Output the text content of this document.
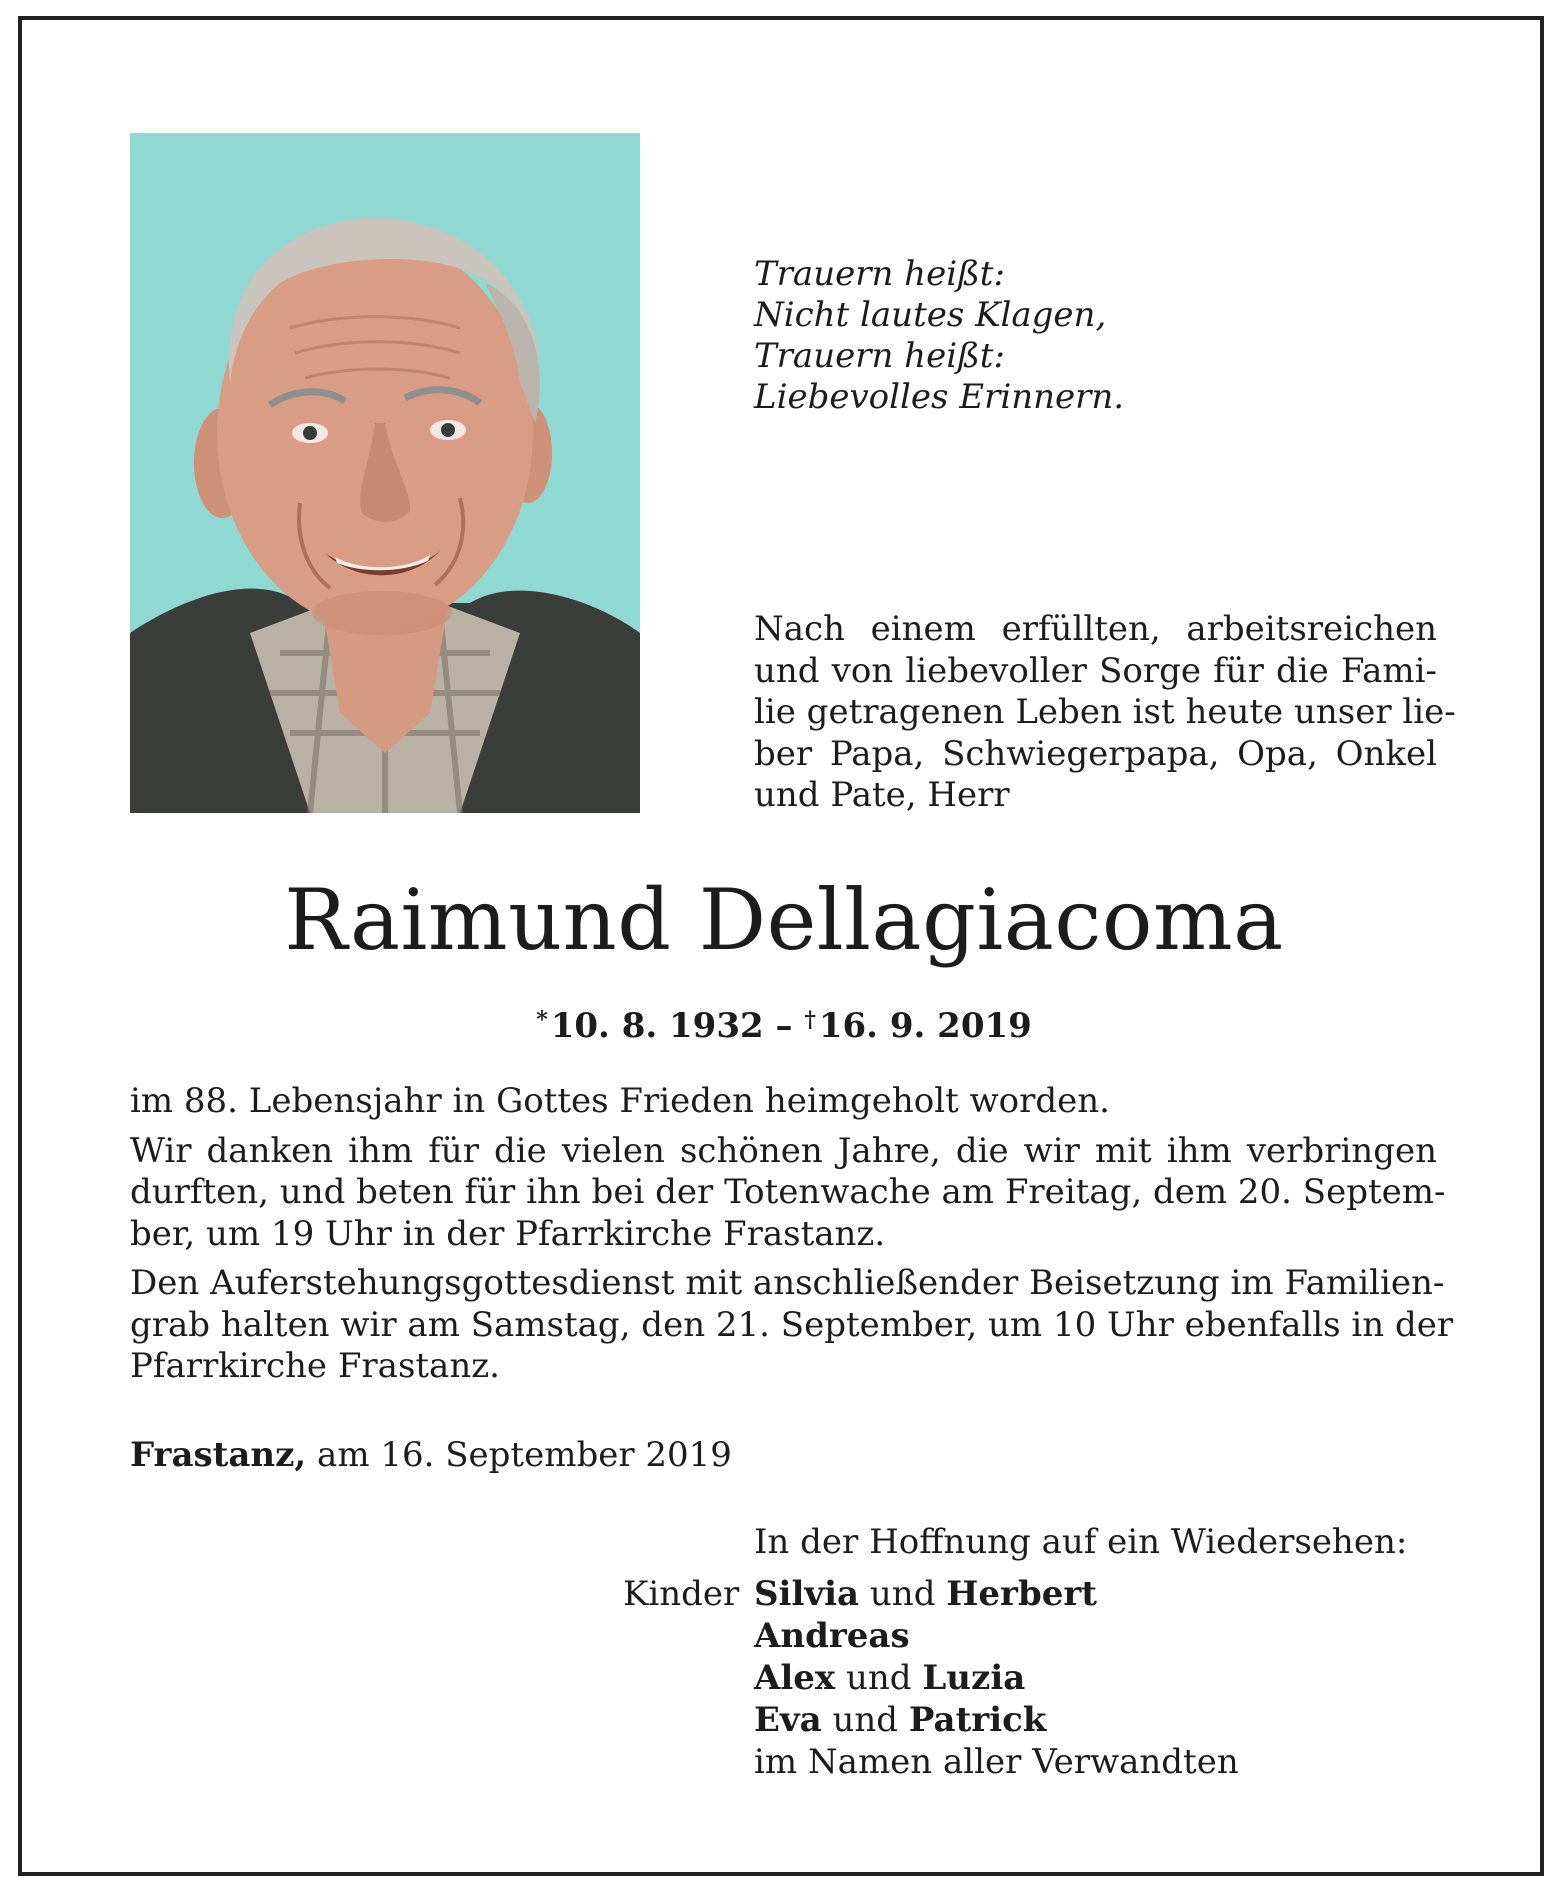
Trauern heißt:
Nicht lautes Klagen,
Trauern heißt:
Liebevolles Erinnern.
Nach einem erfüllten, arbeitsreichen
und von liebevoller Sorge für die Fami-
lie getragenen Leben ist heute unser lie-
ber Papa, Schwiegerpapa, Opa, Onkel
und Pate, Herr
Raimund Dellagiacoma
*10. 8. 1932 – †16. 9. 2019
im 88. Lebensjahr in Gottes Frieden heimgeholt worden.
Wir danken ihm für die vielen schönen Jahre, die wir mit ihm verbringen
durften, und beten für ihn bei der Totenwache am Freitag, dem 20. Septem-
ber, um 19 Uhr in der Pfarrkirche Frastanz.
Den Auferstehungsgottesdienst mit anschließender Beisetzung im Familien-
grab halten wir am Samstag, den 21. September, um 10 Uhr ebenfalls in der
Pfarrkirche Frastanz.
Frastanz, am 16. September 2019
In der Hoffnung auf ein Wiedersehen:
Kinder Silvia und Herbert
Andreas
Alex und Luzia
Eva und Patrick
im Namen aller Verwandten
